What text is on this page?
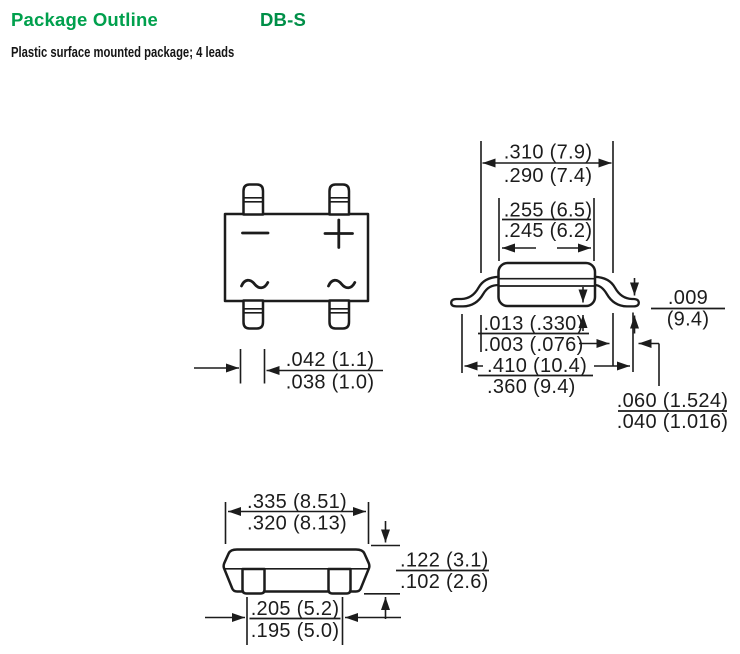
Package Outline	DB-S
Plastic surface mounted package; 4 leads
.042 (1.1)
.038 (1.0)
.310 (7.9)
.290 (7.4)
.255 (6.5)
.245 (6.2)
.013 (.330)
.003 (.076)
.410 (10.4)
.360 (9.4)
.009
(9.4)
.060 (1.524)
.040 (1.016)
.335 (8.51)
.320 (8.13)
.122 (3.1)
.102 (2.6)
.205 (5.2)
.195 (5.0)
